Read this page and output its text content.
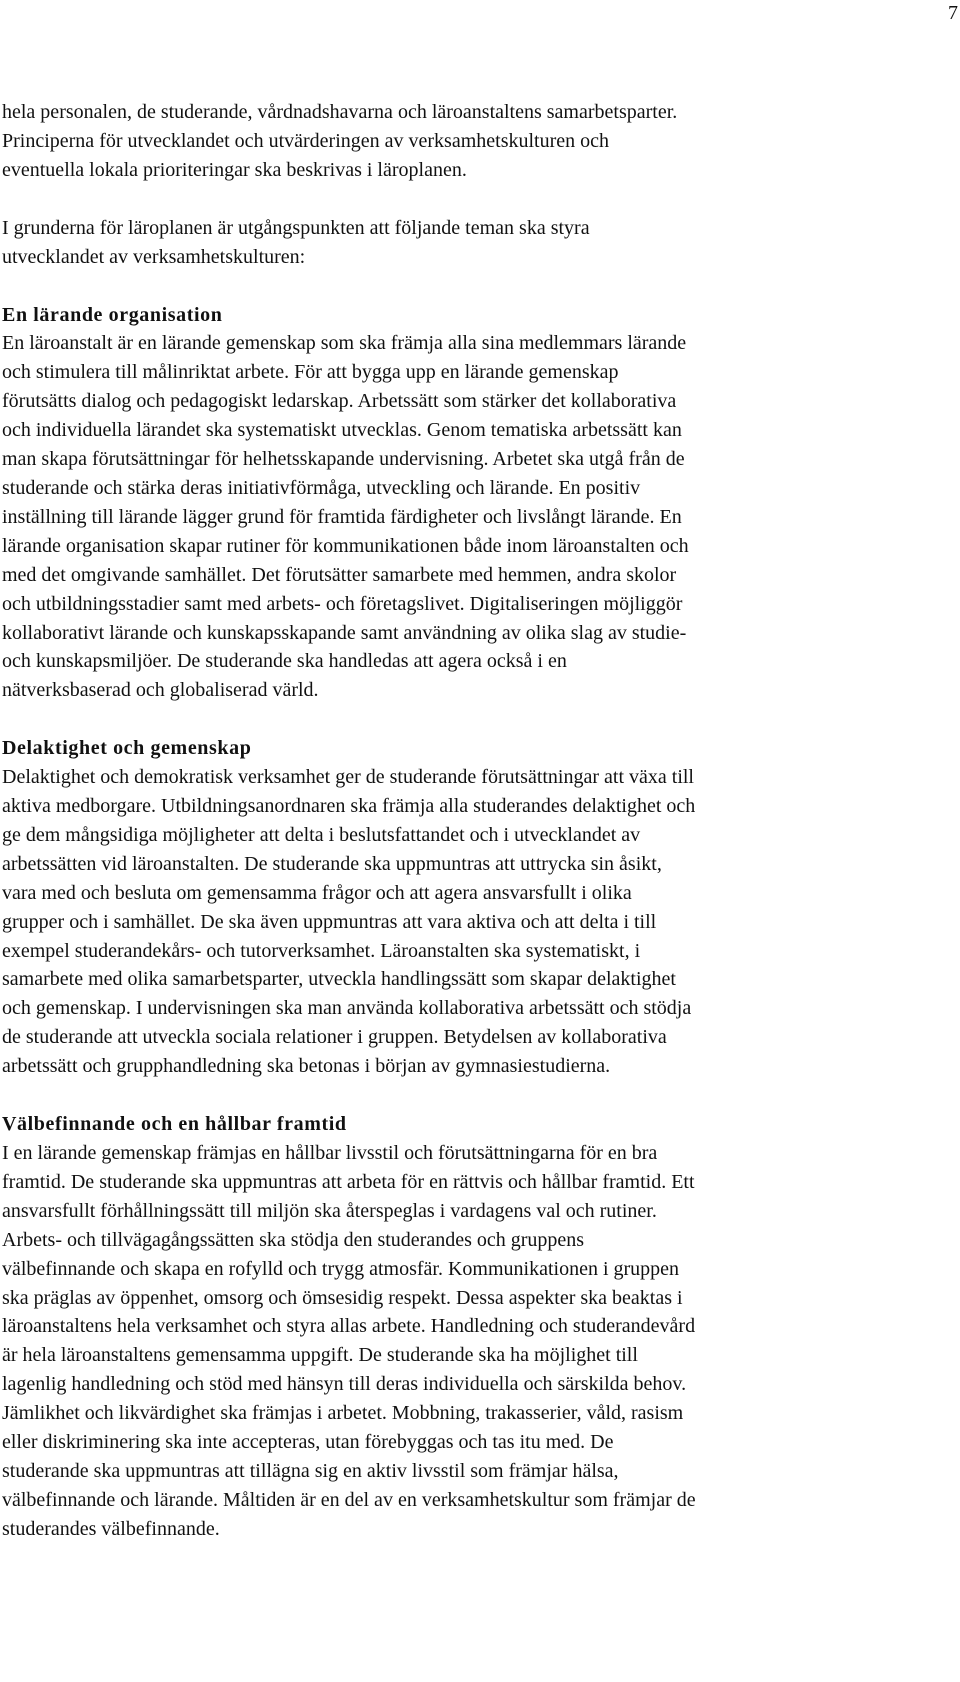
7

hela personalen, de studerande, vårdnadshavarna och läroanstaltens samarbetsparter.
Principerna för utvecklandet och utvärderingen av verksamhetskulturen och
eventuella lokala prioriteringar ska beskrivas i läroplanen.

I grunderna för läroplanen är utgångspunkten att följande teman ska styra
utvecklandet av verksamhetskulturen:

En lärande organisation

En läroanstalt är en lärande gemenskap som ska främja alla sina medlemmars lärande
och stimulera till målinriktat arbete. För att bygga upp en lärande gemenskap
förutsätts dialog och pedagogiskt ledarskap. Arbetssätt som stärker det kollaborativa
och individuella lärandet ska systematiskt utvecklas. Genom tematiska arbetssätt kan
man skapa förutsättningar för helhetsskapande undervisning. Arbetet ska utgå från de
studerande och stärka deras initiativförmåga, utveckling och lärande. En positiv
inställning till lärande lägger grund för framtida färdigheter och livslångt lärande. En
lärande organisation skapar rutiner för kommunikationen både inom läroanstalten och
med det omgivande samhället. Det förutsätter samarbete med hemmen, andra skolor
och utbildningsstadier samt med arbets- och företagslivet. Digitaliseringen möjliggör
kollaborativt lärande och kunskapsskapande samt användning av olika slag av studie-
och kunskapsmiljöer. De studerande ska handledas att agera också i en
nätverksbaserad och globaliserad värld.

Delaktighet och gemenskap

Delaktighet och demokratisk verksamhet ger de studerande förutsättningar att växa till
aktiva medborgare. Utbildningsanordnaren ska främja alla studerandes delaktighet och
ge dem mångsidiga möjligheter att delta i beslutsfattandet och i utvecklandet av
arbetssätten vid läroanstalten. De studerande ska uppmuntras att uttrycka sin åsikt,
vara med och besluta om gemensamma frågor och att agera ansvarsfullt i olika
grupper och i samhället. De ska även uppmuntras att vara aktiva och att delta i till
exempel studerandekårs- och tutorverksamhet. Läroanstalten ska systematiskt, i
samarbete med olika samarbetsparter, utveckla handlingssätt som skapar delaktighet
och gemenskap. I undervisningen ska man använda kollaborativa arbetssätt och stödja
de studerande att utveckla sociala relationer i gruppen. Betydelsen av kollaborativa
arbetssätt och grupphandledning ska betonas i början av gymnasiestudierna.

Välbefinnande och en hållbar framtid

I en lärande gemenskap främjas en hållbar livsstil och förutsättningarna för en bra
framtid. De studerande ska uppmuntras att arbeta för en rättvis och hållbar framtid. Ett
ansvarsfullt förhållningssätt till miljön ska återspeglas i vardagens val och rutiner.
Arbets- och tillvägagångssätten ska stödja den studerandes och gruppens
välbefinnande och skapa en rofylld och trygg atmosfär. Kommunikationen i gruppen
ska präglas av öppenhet, omsorg och ömsesidig respekt. Dessa aspekter ska beaktas i
läroanstaltens hela verksamhet och styra allas arbete. Handledning och studerandevård
är hela läroanstaltens gemensamma uppgift. De studerande ska ha möjlighet till
lagenlig handledning och stöd med hänsyn till deras individuella och särskilda behov.
Jämlikhet och likvärdighet ska främjas i arbetet. Mobbning, trakasserier, våld, rasism
eller diskriminering ska inte accepteras, utan förebyggas och tas itu med. De
studerande ska uppmuntras att tillägna sig en aktiv livsstil som främjar hälsa,
välbefinnande och lärande. Måltiden är en del av en verksamhetskultur som främjar de
studerandes välbefinnande.
